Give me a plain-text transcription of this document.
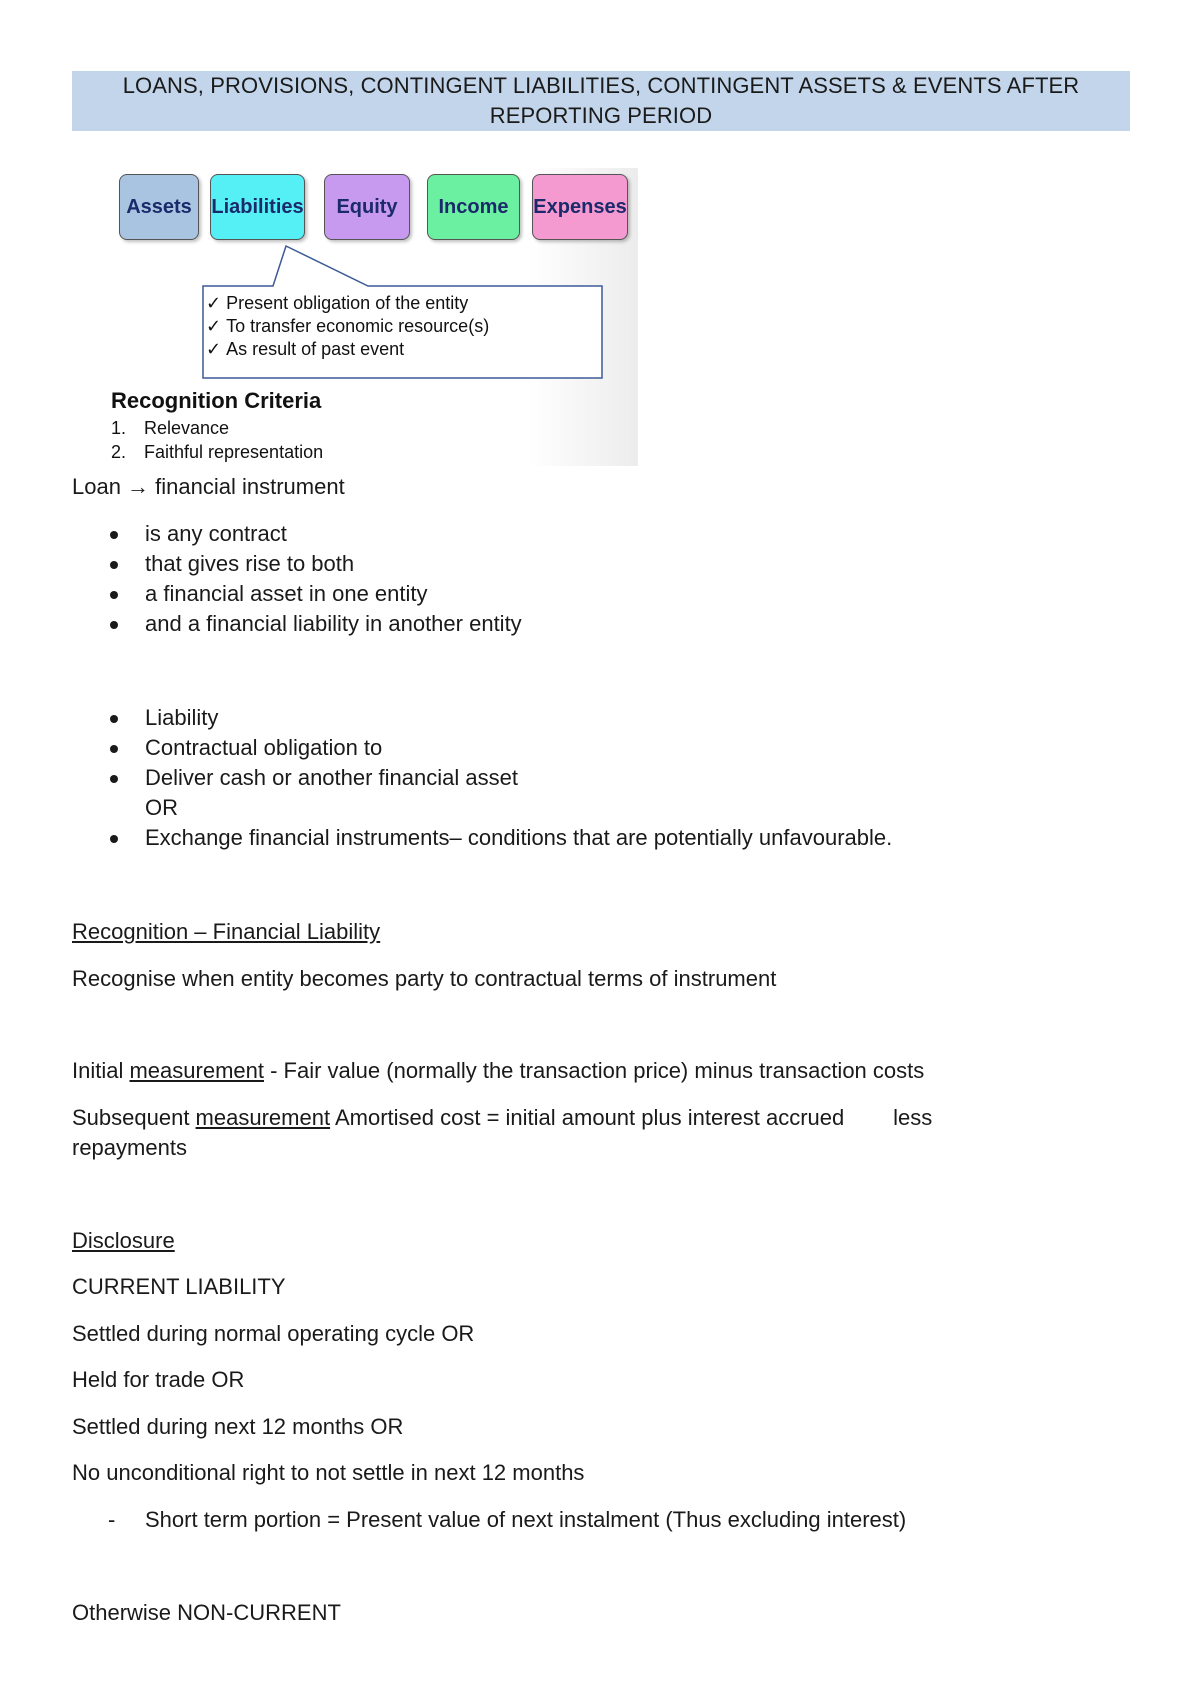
LOANS, PROVISIONS, CONTINGENT LIABILITIES, CONTINGENT ASSETS & EVENTS AFTER
REPORTING PERIOD
Assets Liabilities	Equity	Income	Expenses
✓ Present obligation of the entity
✓ To transfer economic resource(s)
✓ As result of past event
Recognition Criteria
1. Relevance
2. Faithful representation
Loan → financial instrument
is any contract
that gives rise to both
a financial asset in one entity
and a financial liability in another entity
Liability
Contractual obligation to
Deliver cash or another financial asset
OR
Exchange financial instruments– conditions that are potentially unfavourable.
Recognition – Financial Liability
Recognise when entity becomes party to contractual terms of instrument
Initial measurement - Fair value (normally the transaction price) minus transaction costs
Subsequent measurement Amortised cost = initial amount plus interest accrued        less
repayments
Disclosure
CURRENT LIABILITY
Settled during normal operating cycle OR
Held for trade OR
Settled during next 12 months OR
No unconditional right to not settle in next 12 months
- Short term portion = Present value of next instalment (Thus excluding interest)
Otherwise NON-CURRENT
